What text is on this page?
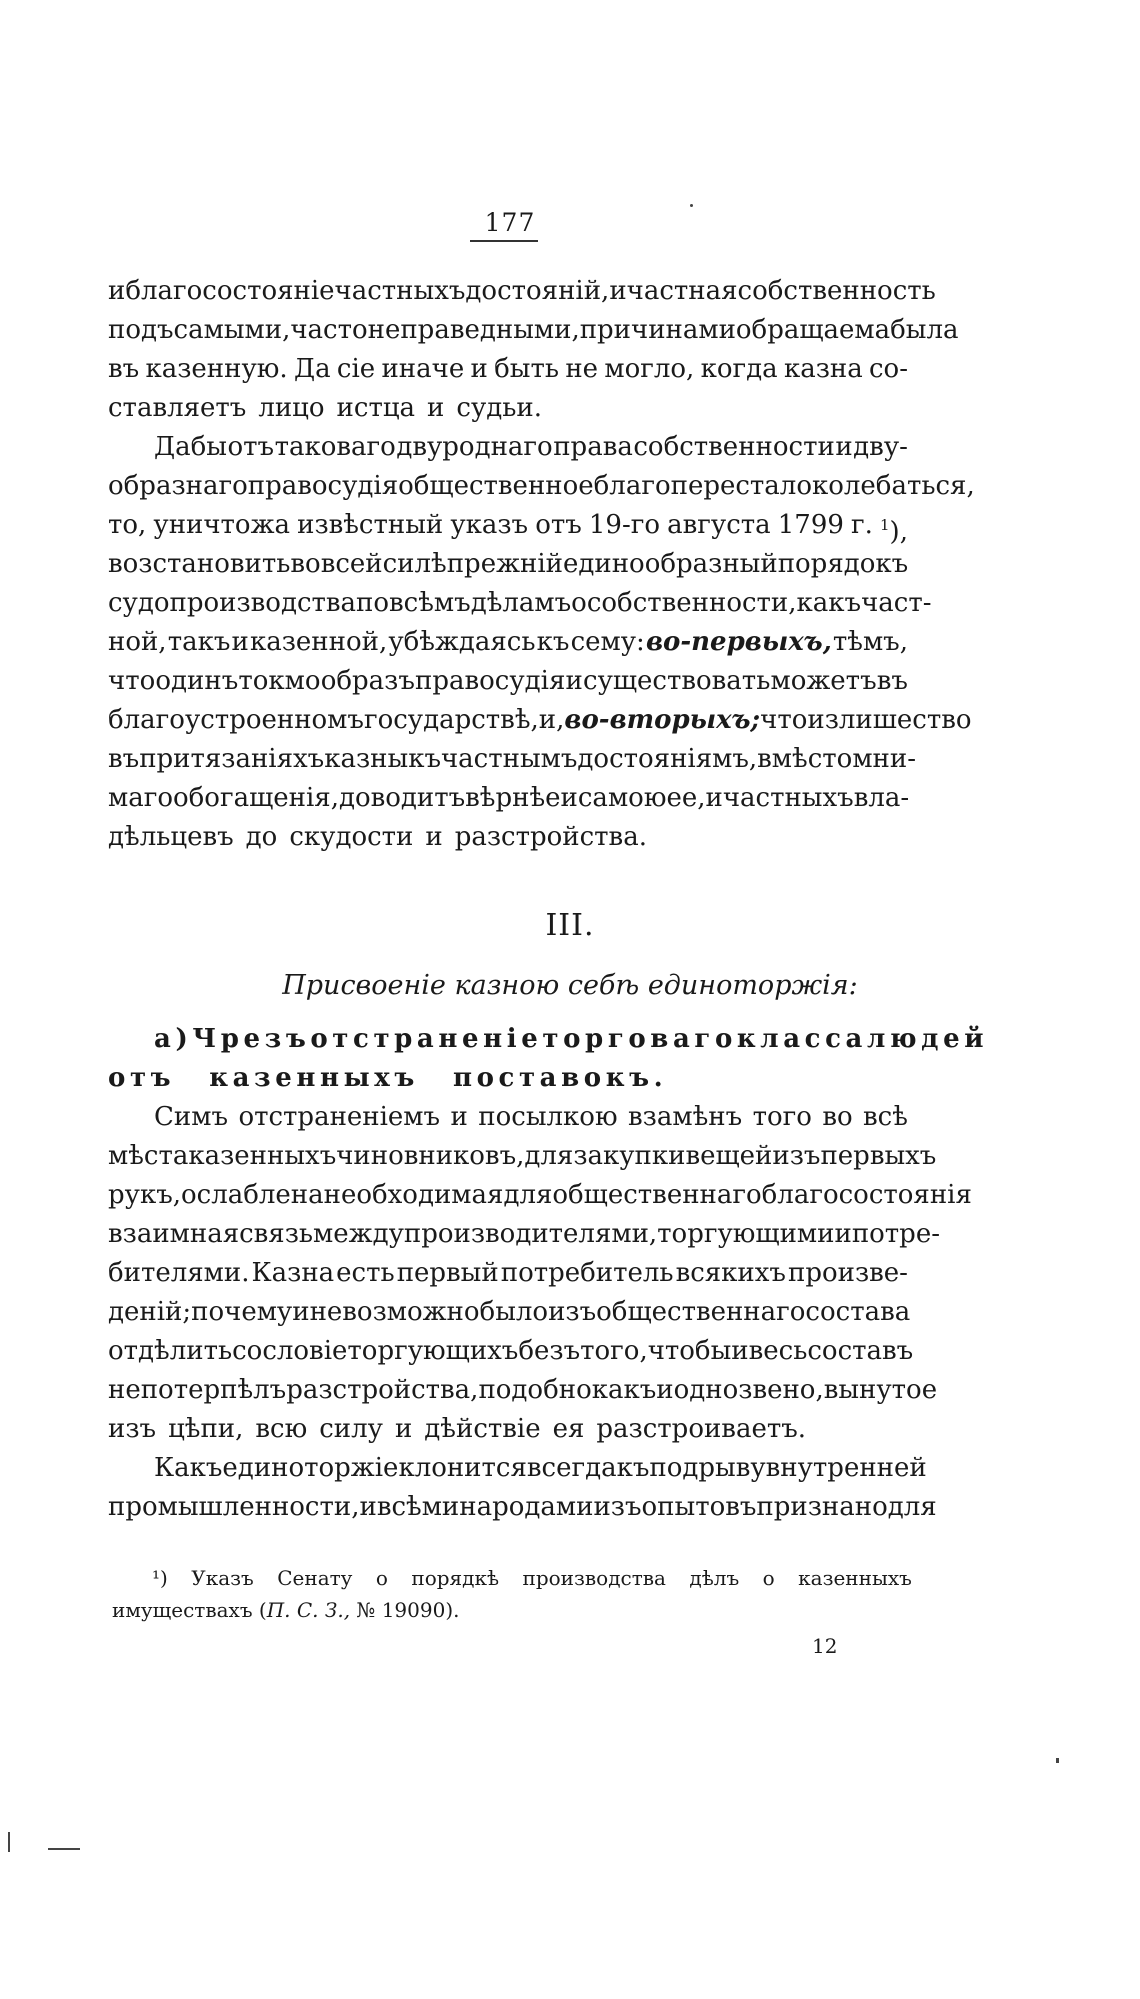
177
и благосостояніе частныхъ достояній, и частная собственность
подъ самыми, часто неправедными, причинами обращаема была
въ казенную. Да сіе иначе и быть не могло, когда казна со-
ставляетъ лицо истца и судьи.
Дабы отъ таковаго двуроднаго права собственности и дву-
образнаго правосудія общественное благо перестало колебаться,
то, уничтожа извѣстный указъ отъ 19-го августа 1799 г. $^1$),
возстановить во всей силѣ прежній единообразный порядокъ
судопроизводства по всѣмъ дѣламъ о собственности, какъ част-
ной, такъ и казенной, убѣждаясь къ сему: во-первыхъ, тѣмъ,
что одинъ токмо образъ правосудія и существовать можетъ въ
благоустроенномъ государствѣ, и, во-вторыхъ; что излишество
въ притязаніяхъ казны къ частнымъ достояніямъ, вмѣсто мни-
маго обогащенія, доводитъ вѣрнѣе и самою ее, и частныхъ вла-
дѣльцевъ до скудости и разстройства.
III.
Присвоеніе казною себѣ единоторжія:
а) Чрезъ отстраненіе торговаго класса людей
отъ казенныхъ поставокъ.
Симъ отстраненіемъ и посылкою взамѣнъ того во всѣ
мѣста казенныхъ чиновниковъ, для закупки вещей изъ первыхъ
рукъ, ослаблена необходимая для общественнаго благосостоянія
взаимная связь между производителями, торгующими и потре-
бителями. Казна есть первый потребитель всякихъ произве-
деній; почему и невозможно было изъ общественнаго состава
отдѣлить сословіе торгующихъ безъ того, чтобы и весь составъ
не потерпѣлъ разстройства, подобно какъ и одно звено, вынутое
изъ цѣпи, всю силу и дѣйствіе ея разстроиваетъ.
Какъ единоторжіе клонится всегда къ подрыву внутренней
промышленности, и всѣми народами изъ опытовъ признано для
¹) Указъ Сенату о порядкѣ производства дѣлъ о казенныхъ
имуществахъ ( П. С. З.,
№ 19090).
12
